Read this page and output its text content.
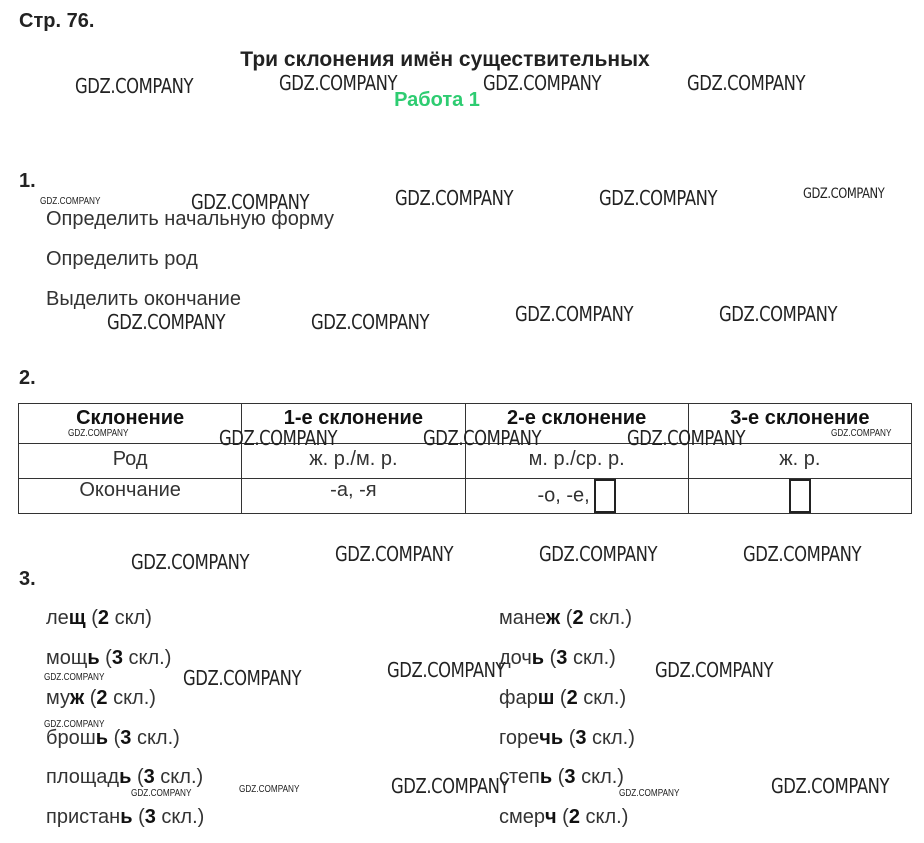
Стр. 76.
Три склонения имён существительных
Работа 1
1.
Определить начальную форму
Определить род
Выделить окончание
2.
Склонение	1-е склонение	2-е склонение	3-е склонение
Род	ж. р./м. р.	м. р./ср. р.	ж. р.
Окончание	-а, -я	-о, -е,	
3.
лещ (2 скл)
мощь (3 скл.)
муж (2 скл.)
брошь (3 скл.)
площадь (3 скл.)
пристань (3 скл.)
манеж (2 скл.)
дочь (3 скл.)
фарш (2 скл.)
горечь (3 скл.)
степь (3 скл.)
смерч (2 скл.)
GDZ.COMPANY	GDZ.COMPANY	GDZ.COMPANY	GDZ.COMPANY
GDZ.COMPANY	GDZ.COMPANY	GDZ.COMPANY
GDZ.COMPANY	GDZ.COMPANY	GDZ.COMPANY	GDZ.COMPANY
GDZ.COMPANY	GDZ.COMPANY	GDZ.COMPANY
GDZ.COMPANY	GDZ.COMPANY	GDZ.COMPANY	GDZ.COMPANY
GDZ.COMPANY	GDZ.COMPANY	GDZ.COMPANY
GDZ.COMPANY	GDZ.COMPANY
GDZ.COMPANY	GDZ.COMPANY
GDZ.COMPANY	GDZ.COMPANY
GDZ.COMPANY
GDZ.COMPANY
GDZ.COMPANY
GDZ.COMPANY	GDZ.COMPANY
